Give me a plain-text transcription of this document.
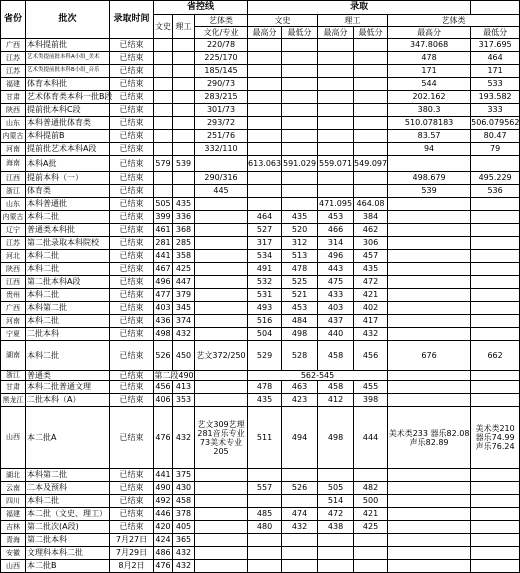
省份	批次	录取时间	省控线			录取					
			文史	理工	艺体类	文史		理工		艺体类	
					文化/专业	最高分	最低分	最高分	最低分	最高分	最低分
广西	本科提前批	已结束			220/78					347.8068	317.695
江苏	艺术类提前批本科A小组_美术	已结束			225/170					478	464
江苏	艺术类提前批本科B小组_音乐	已结束			185/145					171	171
福建	体育本科批	已结束			290/73					544	533
甘肃	艺术体育类本科一批B段	已结束			283/215					202.162	193.582
陕西	提前批本科C段	已结束			301/73					380.3	333
山东	本科普通批体育类	已结束			293/72					510.078183	506.079562
内蒙古	本科提前B	已结束			251/76					83.57	80.47
河南	提前批艺术本科A段	已结束			332/110					94	79
海南	本科A批	已结束	579	539		613.063	591.029	559.071	549.097		
江西	提前本科（一）	已结束			290/316					498.679	495.229
浙江	体育类	已结束			445					539	536
山东	本科普通批	已结束	505	435				471.095	464.08		
内蒙古	本科二批	已结束	399	336		464	435	453	384		
辽宁	普通类本科批	已结束	461	368		527	520	466	462		
江苏	第二批录取本科院校	已结束	281	285		317	312	314	306		
河北	本科二批	已结束	441	358		534	513	496	457		
陕西	本科二批	已结束	467	425		491	478	443	435		
江西	第二批本科A段	已结束	496	447		532	525	475	472		
贵州	本科二批	已结束	477	379		531	521	433	421		
广西	本科第二批	已结束	403	345		493	453	403	402		
河南	本科二批	已结束	436	374		516	484	437	417		
宁夏	二批本科	已结束	498	432		504	498	440	432		
湖南	本科二批	已结束	526	450	艺文372/250	529	528	458	456	676	662
浙江	普通类	已结束	第二段490			562-545					
甘肃	本科二批普通文理	已结束	456	413		478	463	458	455		
黑龙江	二批本科（A）	已结束	406	353		435	423	412	398		
山西	本二批A	已结束	476	432	艺文309艺理281音乐专业73美术专业205	511	494	498	444	美术类233 器乐82.08 声乐82.89	美术类210 器乐74.99 声乐76.24
湖北	本科第二批	已结束	441	375							
云南	二本及预科	已结束	490	430		557	526	505	482		
四川	本科二批	已结束	492	458				514	500		
福建	本二批（文史、理工）	已结束	446	378		485	474	472	421		
吉林	第二批次(A段)	已结束	420	405		480	432	438	425		
青海	第二批本科	7月27日	424	365							
安徽	文理科本科二批	7月29日	486	432							
山西	本二批B	8月2日	476	432							
